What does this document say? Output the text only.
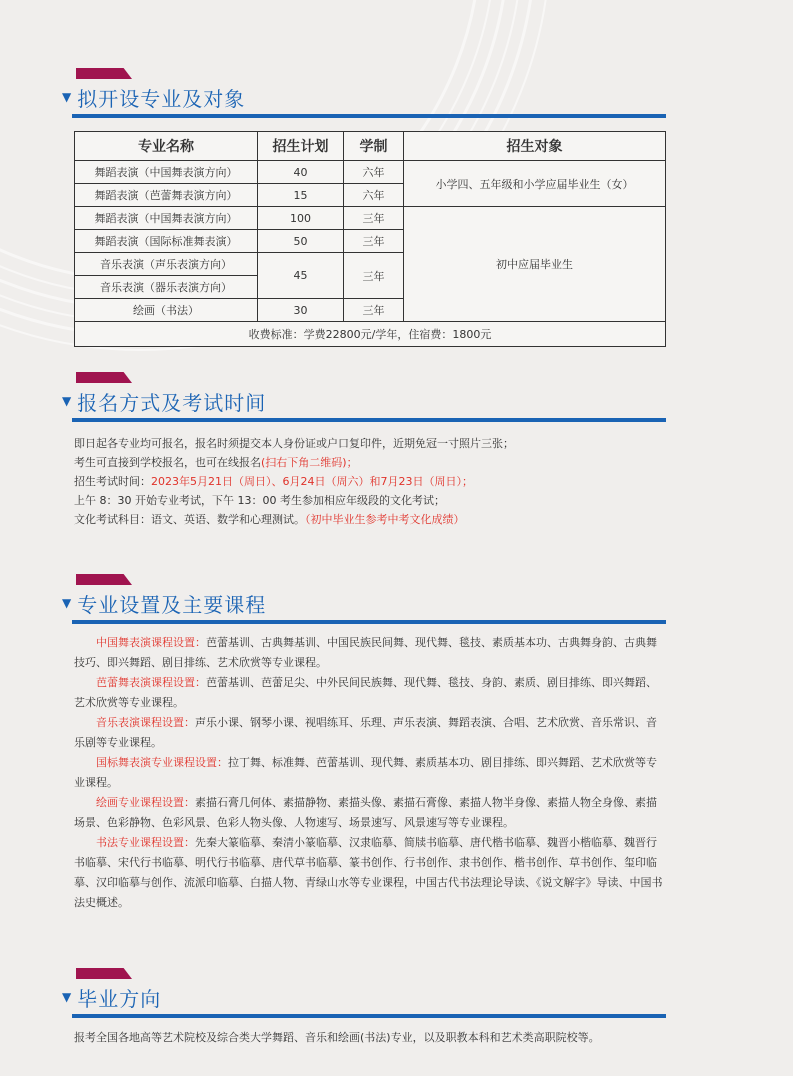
▼ 拟开设专业及对象
专业名称	招生计划	学制	招生对象
舞蹈表演（中国舞表演方向）	40	六年	小学四、五年级和小学应届毕业生（女）
舞蹈表演（芭蕾舞表演方向）	15	六年	
舞蹈表演（中国舞表演方向）	100	三年	初中应届毕业生
舞蹈表演（国际标准舞表演）	50	三年	
音乐表演（声乐表演方向）	45	三年	
音乐表演（器乐表演方向）			
绘画（书法）	30	三年	
收费标准：学费22800元/学年，住宿费：1800元			
▼ 报名方式及考试时间
即日起各专业均可报名，报名时须提交本人身份证或户口复印件，近期免冠一寸照片三张；
考生可直接到学校报名，也可在线报名(扫右下角二维码)；
招生考试时间：2023年5月21日（周日）、6月24日（周六）和7月23日（周日）；
上午 8：30 开始专业考试，下午 13：00 考生参加相应年级段的文化考试；
文化考试科目：语文、英语、数学和心理测试。（初中毕业生参考中考文化成绩）
▼ 专业设置及主要课程

中国舞表演课程设置：芭蕾基训、古典舞基训、中国民族民间舞、现代舞、毯技、素质基本功、古典舞身韵、古典舞技巧、即兴舞蹈、剧目排练、艺术欣赏等专业课程。

芭蕾舞表演课程设置：芭蕾基训、芭蕾足尖、中外民间民族舞、现代舞、毯技、身韵、素质、剧目排练、即兴舞蹈、艺术欣赏等专业课程。

音乐表演课程设置：声乐小课、钢琴小课、视唱练耳、乐理、声乐表演、舞蹈表演、合唱、艺术欣赏、音乐常识、音乐剧等专业课程。

国标舞表演专业课程设置：拉丁舞、标准舞、芭蕾基训、现代舞、素质基本功、剧目排练、即兴舞蹈、艺术欣赏等专业课程。

绘画专业课程设置：素描石膏几何体、素描静物、素描头像、素描石膏像、素描人物半身像、素描人物全身像、素描场景、色彩静物、色彩风景、色彩人物头像、人物速写、场景速写、风景速写等专业课程。

书法专业课程设置：先秦大篆临摹、秦清小篆临摹、汉隶临摹、简牍书临摹、唐代楷书临摹、魏晋小楷临摹、魏晋行书临摹、宋代行书临摹、明代行书临摹、唐代草书临摹、篆书创作、行书创作、隶书创作、楷书创作、草书创作、玺印临摹、汉印临摹与创作、流派印临摹、白描人物、青绿山水等专业课程，中国古代书法理论导读、《说文解字》导读、中国书法史概述。

▼ 毕业方向
报考全国各地高等艺术院校及综合类大学舞蹈、音乐和绘画(书法)专业，以及职教本科和艺术类高职院校等。
